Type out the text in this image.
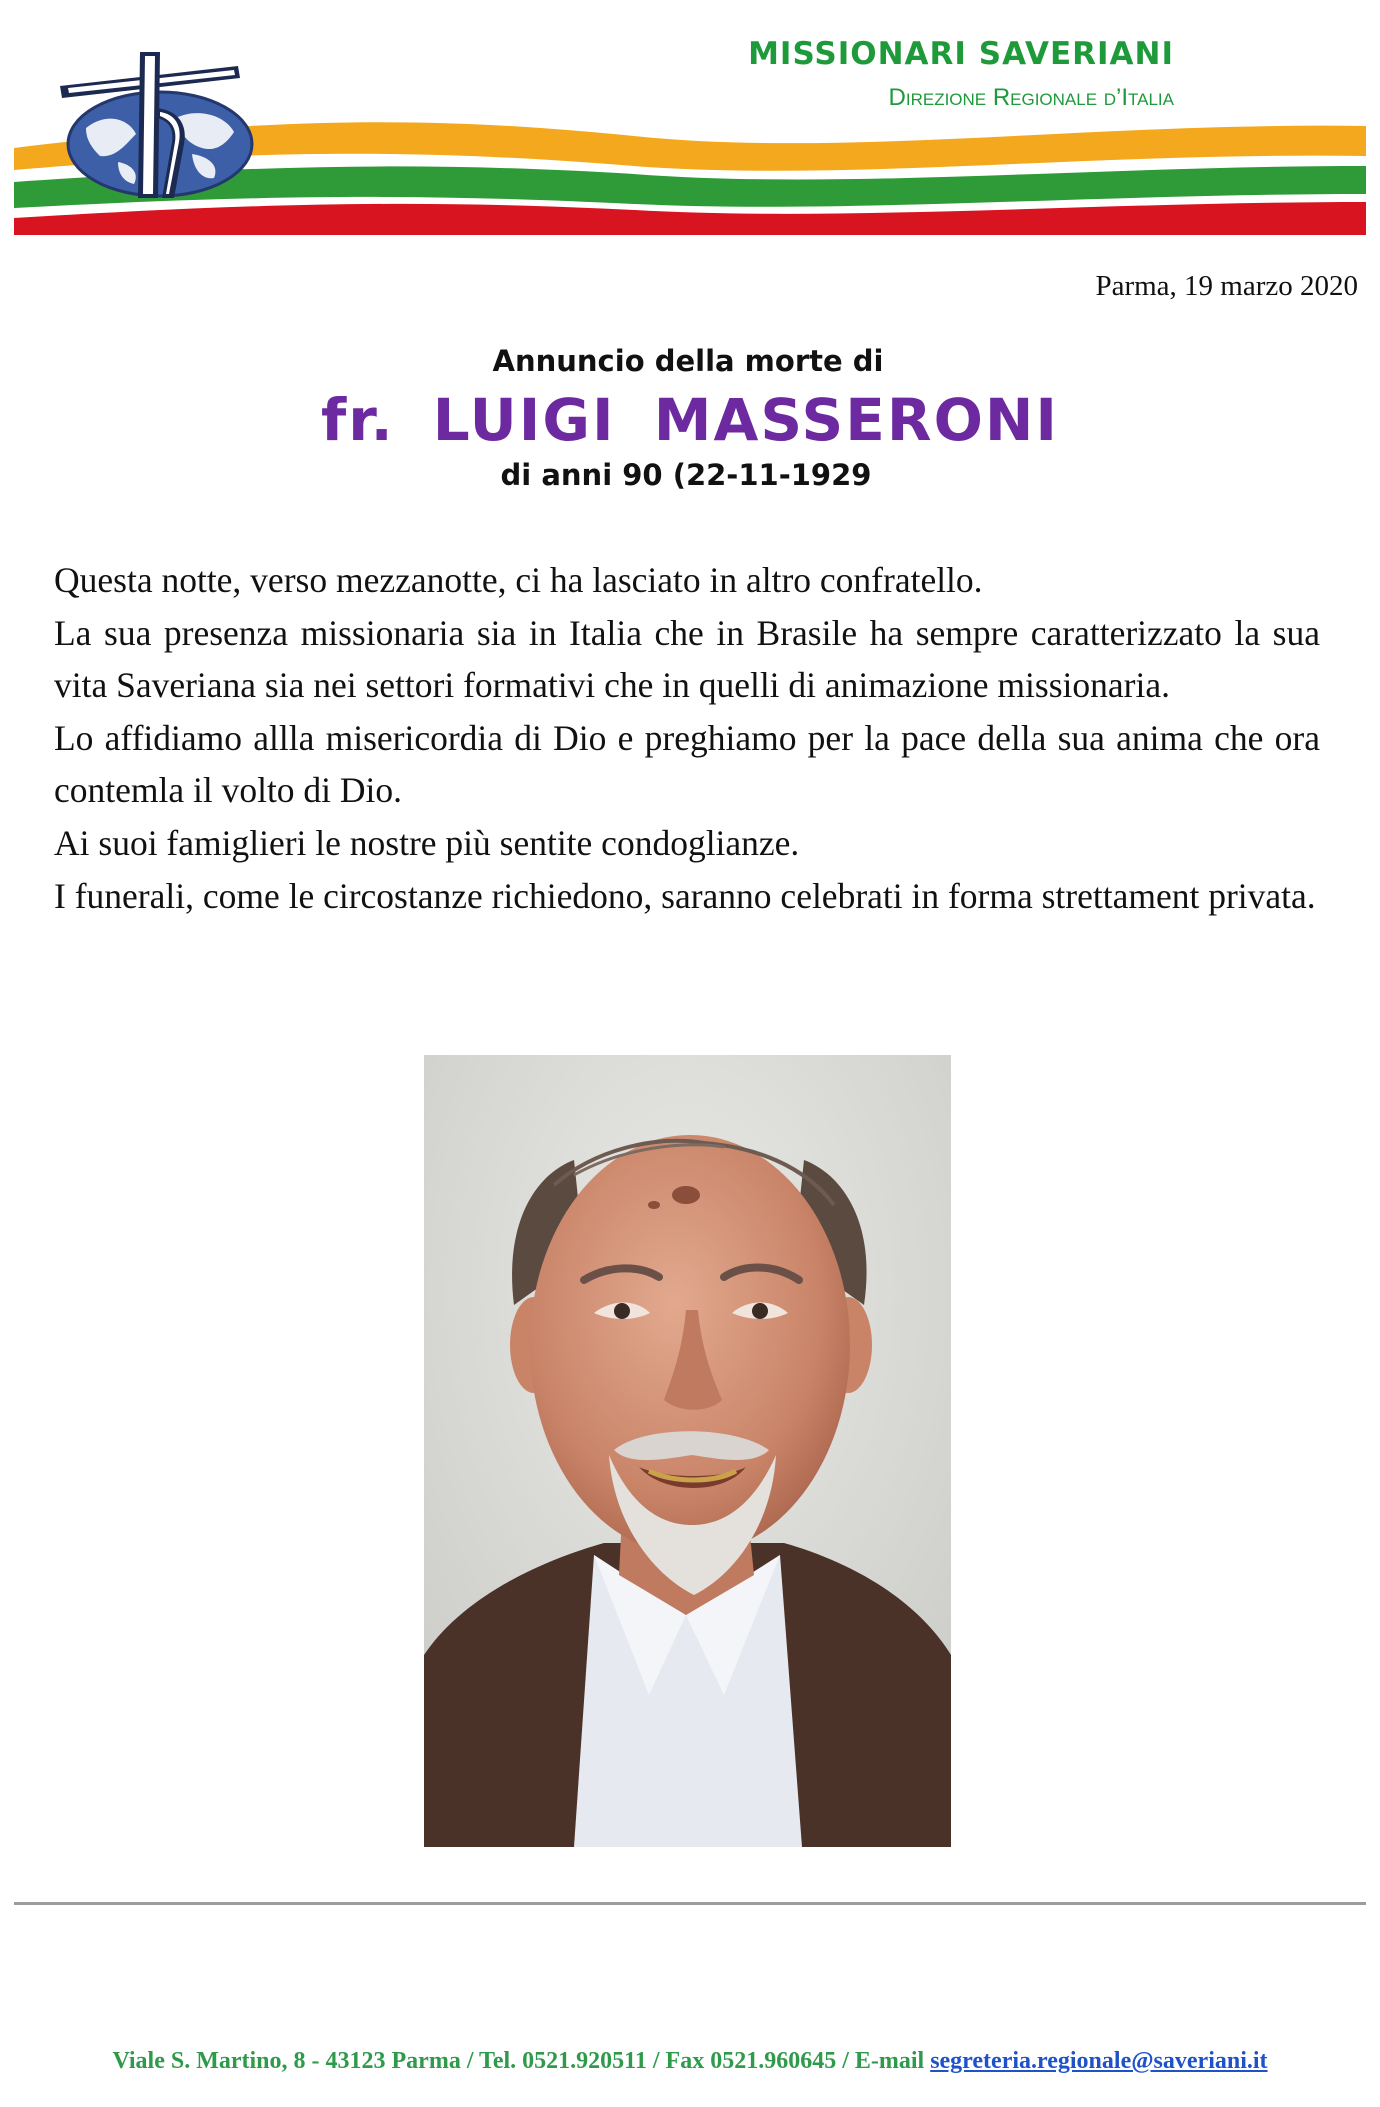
MISSIONARI SAVERIANI
Direzione Regionale d’Italia
Parma, 19 marzo 2020
Annuncio della morte di
fr. LUIGI MASSERONI
di anni 90 (22-11-1929

Questa notte, verso mezzanotte, ci ha lasciato in altro confratello.

La sua presenza missionaria sia in Italia che in Brasile ha sempre caratterizzato la sua vita Saveriana sia nei settori formativi che in quelli di animazione missionaria.

Lo affidiamo allla misericordia di Dio e preghiamo per la pace della sua anima che ora contemla il volto di Dio.

Ai suoi famiglieri le nostre più sentite condoglianze.

I funerali, come le circostanze richiedono, saranno celebrati in forma strettament privata.

Viale S. Martino, 8 - 43123 Parma / Tel. 0521.920511 / Fax 0521.960645 / E-mail segreteria.regionale@saveriani.it
